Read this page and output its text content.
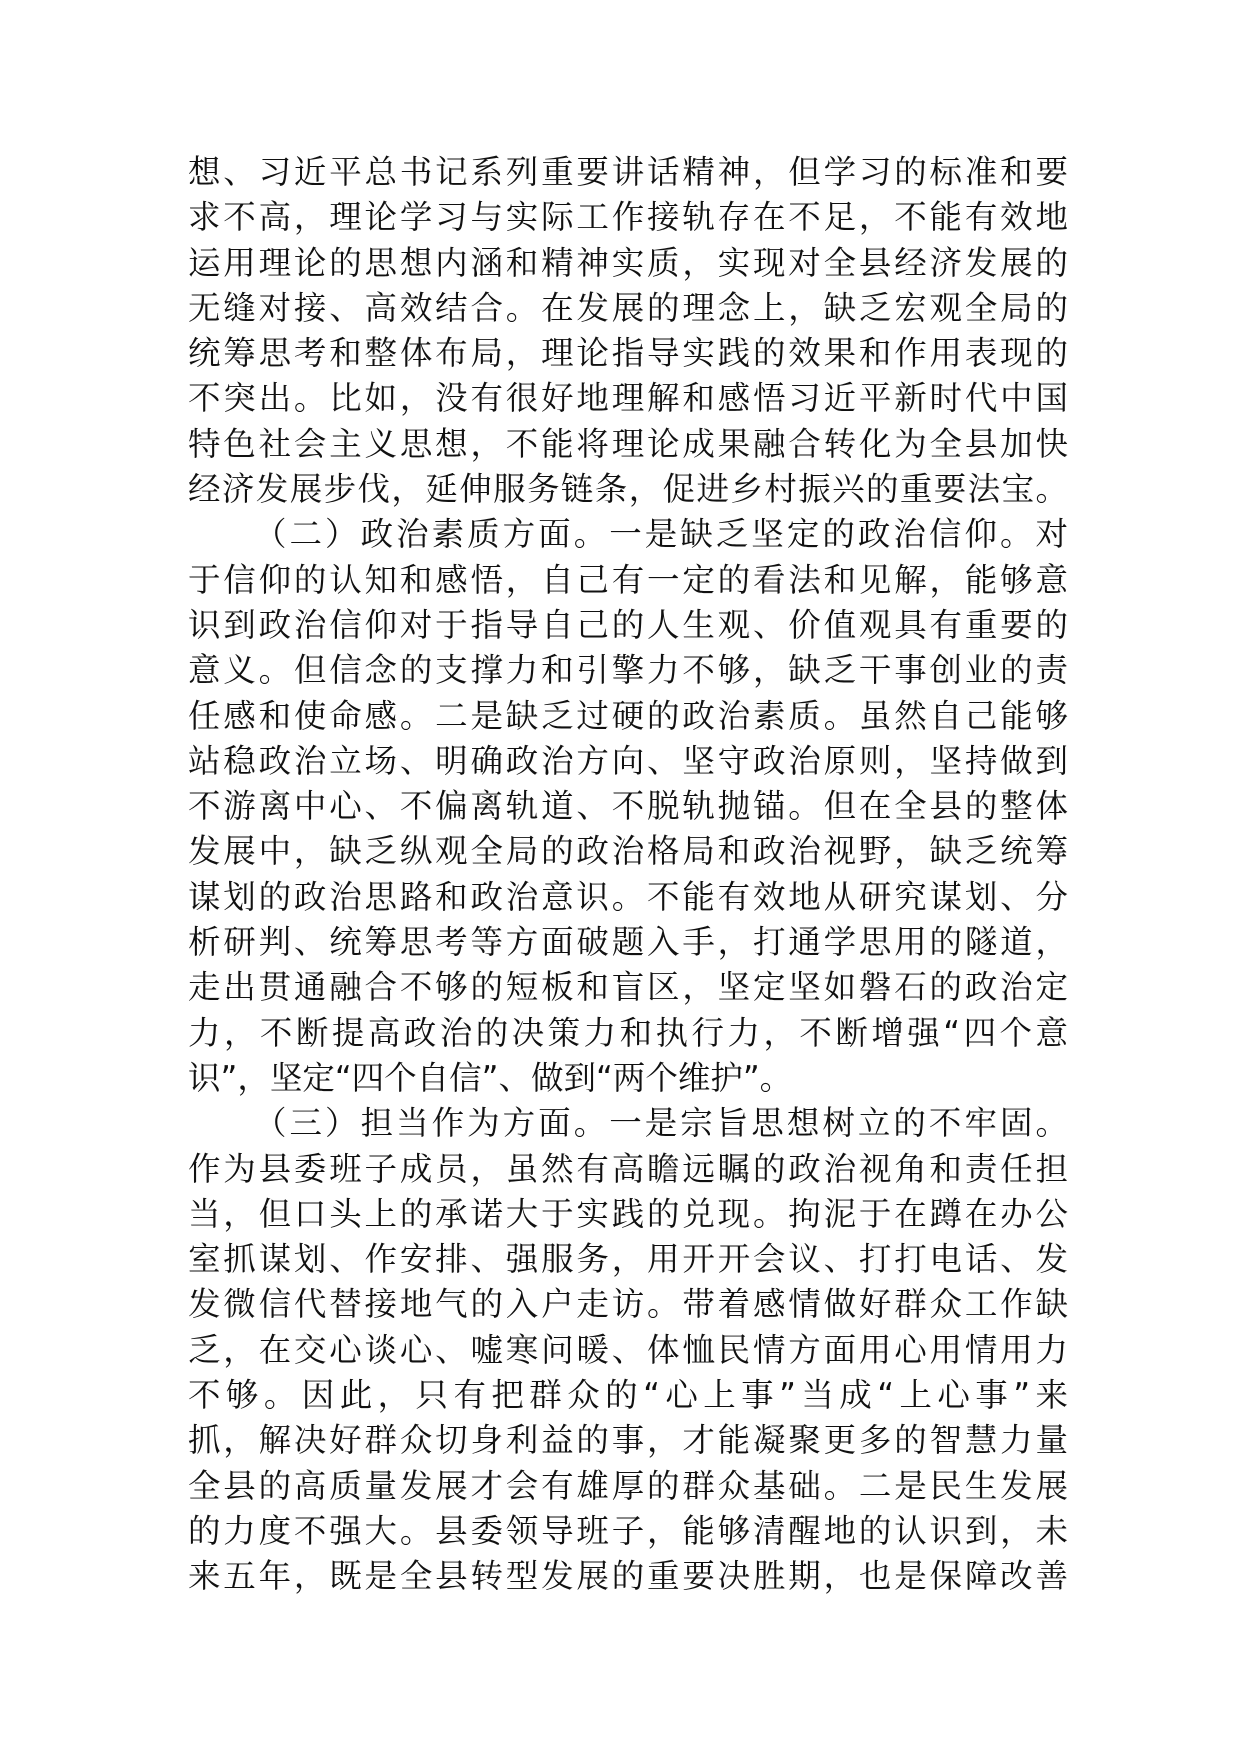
想、习近平总书记系列重要讲话精神，但学习的标准和要
求不高，理论学习与实际工作接轨存在不足，不能有效地
运用理论的思想内涵和精神实质，实现对全县经济发展的
无缝对接、高效结合。在发展的理念上，缺乏宏观全局的
统筹思考和整体布局，理论指导实践的效果和作用表现的
不突出。比如，没有很好地理解和感悟习近平新时代中国
特色社会主义思想，不能将理论成果融合转化为全县加快
经济发展步伐，延伸服务链条，促进乡村振兴的重要法宝。
（二）政治素质方面。一是缺乏坚定的政治信仰。对
于信仰的认知和感悟，自己有一定的看法和见解，能够意
识到政治信仰对于指导自己的人生观、价值观具有重要的
意义。但信念的支撑力和引擎力不够，缺乏干事创业的责
任感和使命感。二是缺乏过硬的政治素质。虽然自己能够
站稳政治立场、明确政治方向、坚守政治原则，坚持做到
不游离中心、不偏离轨道、不脱轨抛锚。但在全县的整体
发展中，缺乏纵观全局的政治格局和政治视野，缺乏统筹
谋划的政治思路和政治意识。不能有效地从研究谋划、分
析研判、统筹思考等方面破题入手，打通学思用的隧道，
走出贯通融合不够的短板和盲区，坚定坚如磐石的政治定
力，不断提高政治的决策力和执行力，不断增强“四个意
识”，坚定“四个自信”、做到“两个维护”。
（三）担当作为方面。一是宗旨思想树立的不牢固。
作为县委班子成员，虽然有高瞻远瞩的政治视角和责任担
当，但口头上的承诺大于实践的兑现。拘泥于在蹲在办公
室抓谋划、作安排、强服务，用开开会议、打打电话、发
发微信代替接地气的入户走访。带着感情做好群众工作缺
乏，在交心谈心、嘘寒问暖、体恤民情方面用心用情用力
不够。因此，只有把群众的“心上事”当成“上心事”来
抓，解决好群众切身利益的事，才能凝聚更多的智慧力量
全县的高质量发展才会有雄厚的群众基础。二是民生发展
的力度不强大。县委领导班子，能够清醒地的认识到，未
来五年，既是全县转型发展的重要决胜期，也是保障改善
